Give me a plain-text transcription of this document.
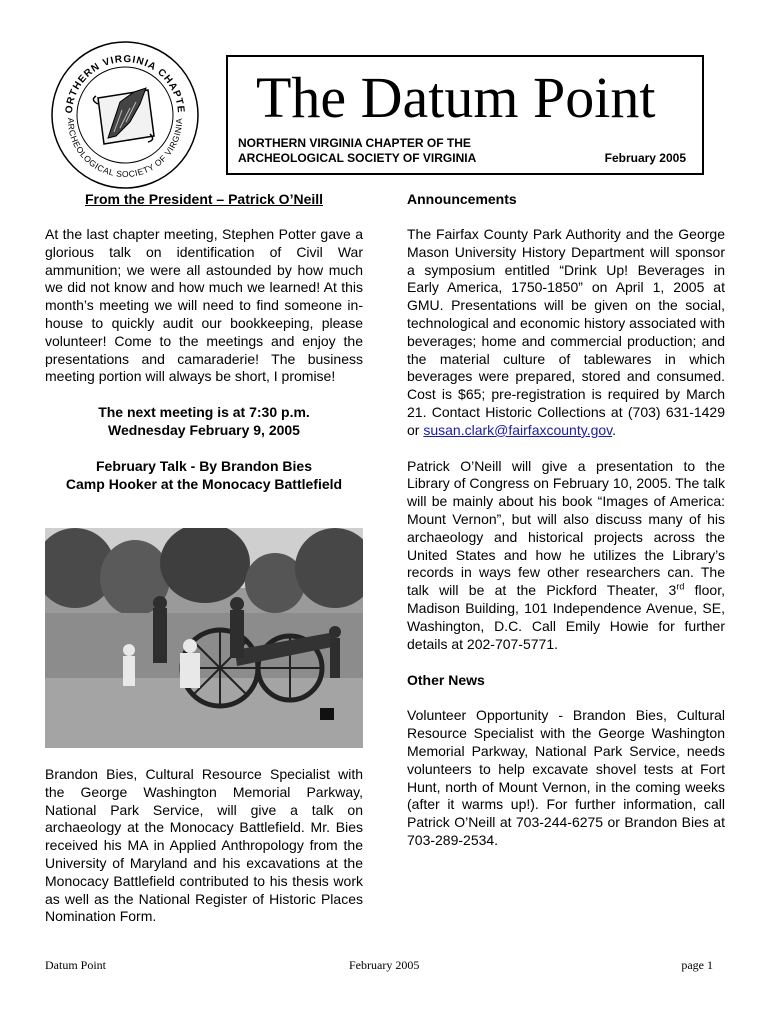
ORTHERN VIRGINIA CHAPTE
ARCHEOLOGICAL SOCIETY OF VIRGINIA The Datum Point
NORTHERN VIRGINIA CHAPTER OF THE
ARCHEOLOGICAL SOCIETY OF VIRGINIA	February 2005
From the President – Patrick O’Neill

At the last chapter meeting, Stephen Potter gave a glorious talk on identification of Civil War ammunition; we were all astounded by how much we did not know and how much we learned! At this month’s meeting we will need to find someone in-house to quickly audit our bookkeeping, please volunteer! Come to the meetings and enjoy the presentations and camaraderie! The business meeting portion will always be short, I promise!

The next meeting is at 7:30 p.m.

Wednesday February 9, 2005

February Talk - By Brandon Bies

Camp Hooker at the Monocacy Battlefield

Brandon Bies, Cultural Resource Specialist with the George Washington Memorial Parkway, National Park Service, will give a talk on archaeology at the Monocacy Battlefield. Mr. Bies received his MA in Applied Anthropology from the University of Maryland and his excavations at the Monocacy Battlefield contributed to his thesis work as well as the National Register of Historic Places Nomination Form.

Announcements

The Fairfax County Park Authority and the George Mason University History Department will sponsor a symposium entitled “Drink Up! Beverages in Early America, 1750-1850” on April 1, 2005 at GMU. Presentations will be given on the social, technological and economic history associated with beverages; home and commercial production; and the material culture of tablewares in which beverages were prepared, stored and consumed. Cost is $65; pre-registration is required by March 21. Contact Historic Collections at (703) 631-1429 or susan.clark@fairfaxcounty.gov.

Patrick O’Neill will give a presentation to the Library of Congress on February 10, 2005. The talk will be mainly about his book “Images of America: Mount Vernon”, but will also discuss many of his archaeology and historical projects across the United States and how he utilizes the Library’s records in ways few other researchers can. The talk will be at the Pickford Theater, 3rd floor, Madison Building, 101 Independence Avenue, SE, Washington, D.C. Call Emily Howie for further details at 202-707-5771.

Other News

Volunteer Opportunity - Brandon Bies, Cultural Resource Specialist with the George Washington Memorial Parkway, National Park Service, needs volunteers to help excavate shovel tests at Fort Hunt, north of Mount Vernon, in the coming weeks (after it warms up!). For further information, call Patrick O’Neill at 703-244-6275 or Brandon Bies at 703-289-2534.

Datum Point	February 2005	page 1
